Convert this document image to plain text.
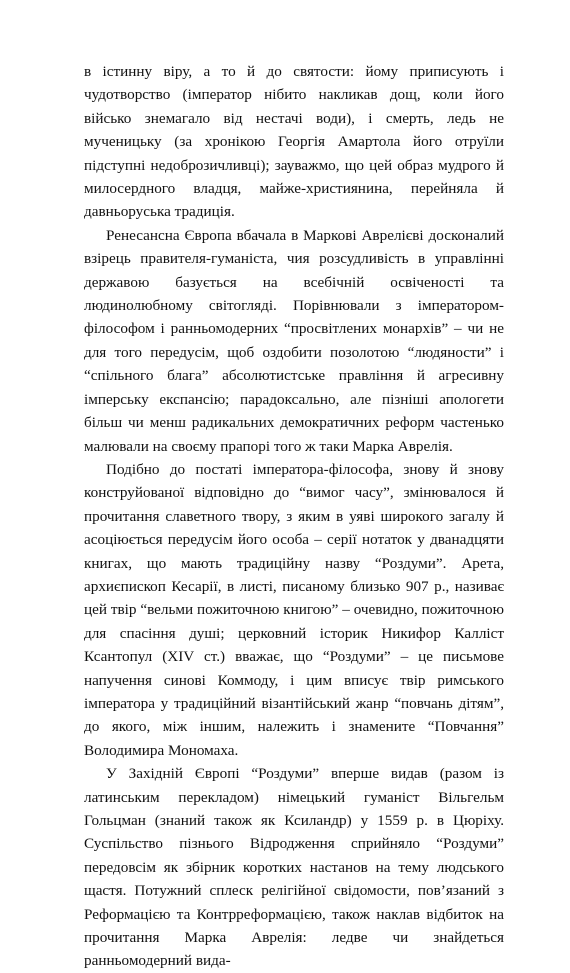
в істинну віру, а то й до святости: йому приписують і чудотворство (імператор нібито накликав дощ, коли його військо знемагало від нестачі води), і смерть, ледь не мученицьку (за хронікою Георгія Амартола його отруїли підступні недоброзичливці); зауважмо, що цей образ мудрого й милосердного владця, майже-християнина, перейняла й давньоруська традиція.

Ренесансна Європа вбачала в Маркові Аврелієві досконалий взірець правителя-гуманіста, чия розсудливість в управлінні державою базується на всебічній освіченості та людинолюбному світогляді. Порівнювали з імператором-філософом і ранньомодерних “просвітлених монархів” – чи не для того передусім, щоб оздобити позолотою “людяности” і “спільного блага” абсолютистське правління й агресивну імперську експансію; парадоксально, але пізніші апологети більш чи менш радикальних демократичних реформ частенько малювали на своєму прапорі того ж таки Марка Аврелія.

Подібно до постаті імператора-філософа, знову й знову конструйованої відповідно до “вимог часу”, змінювалося й прочитання славетного твору, з яким в уяві широкого загалу й асоціюється передусім його особа – серії нотаток у дванадцяти книгах, що мають традиційну назву “Роздуми”. Арета, архиєпископ Кесарії, в листі, писаному близько 907 р., називає цей твір “вельми пожиточною книгою” – очевидно, пожиточною для спасіння душі; церковний історик Никифор Калліст Ксантопул (XIV ст.) вважає, що “Роздуми” – це письмове напучення синові Коммоду, і цим вписує твір римського імператора у традиційний візантійський жанр “повчань дітям”, до якого, між іншим, належить і знамените “Повчання” Володимира Мономаха.

У Західній Європі “Роздуми” вперше видав (разом із латинським перекладом) німецький гуманіст Вільгельм Гольцман (знаний також як Ксиландр) у 1559 р. в Цюріху. Суспільство пізнього Відродження сприйняло “Роздуми” передовсім як збірник коротких настанов на тему людського щастя. Потужний сплеск релігійної свідомости, пов’язаний з Реформацією та Контрреформацією, також наклав відбиток на прочитання Марка Аврелія: ледве чи знайдеться ранньомодерний вида-
